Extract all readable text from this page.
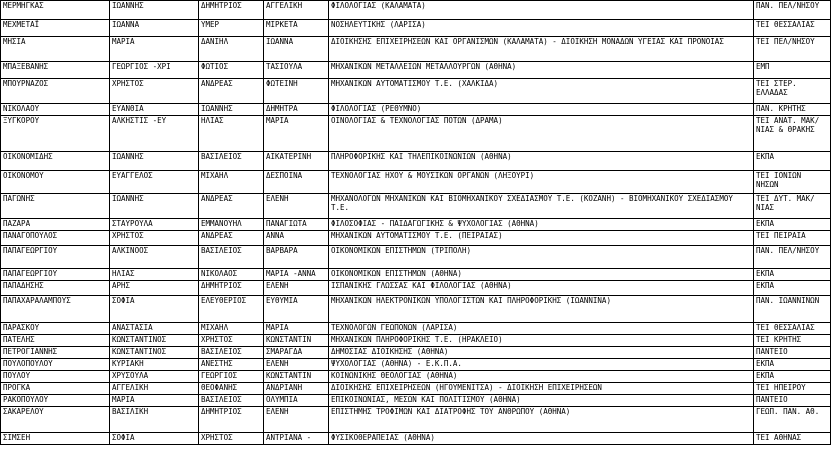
ΜΕΡΜΗΓΚΑΣ	ΙΩΑΝΝΗΣ	ΔΗΜΗΤΡΙΟΣ	ΑΓΓΕΛΙΚΗ	ΦΙΛΟΛΟΓΙΑΣ (ΚΑΛΑΜΑΤΑ)	ΠΑΝ. ΠΕΛ/ΝΗΣΟΥ
ΜΕΧΜΕΤΑΪ	ΙΩΑΝΝΑ	ΥΜΕΡ	ΜΙΡΚΕΤΑ	ΝΟΣΗΛΕΥΤΙΚΗΣ (ΛΑΡΙΣΑ)	ΤΕΙ ΘΕΣΣΑΛΙΑΣ
ΜΗΣΙΑ	ΜΑΡΙΑ	ΔΑΝΙΗΛ	ΙΩΑΝΝΑ	ΔΙΟΙΚΗΣΗΣ ΕΠΙΧΕΙΡΗΣΕΩΝ ΚΑΙ ΟΡΓΑΝΙΣΜΩΝ (ΚΑΛΑΜΑΤΑ) - ΔΙΟΙΚΗΣΗ ΜΟΝΑΔΩΝ ΥΓΕΙΑΣ ΚΑΙ ΠΡΟΝΟΙΑΣ	ΤΕΙ ΠΕΛ/ΝΗΣΟΥ
ΜΠΑΞΕΒΑΝΗΣ	ΓΕΩΡΓΙΟΣ -ΧΡΙ	ΦΩΤΙΟΣ	ΤΑΣΙΟΥΛΑ	ΜΗΧΑΝΙΚΩΝ ΜΕΤΑΛΛΕΙΩΝ ΜΕΤΑΛΛΟΥΡΓΩΝ (ΑΘΗΝΑ)	ΕΜΠ
ΜΠΟΥΡΝΑΖΟΣ	ΧΡΗΣΤΟΣ	ΑΝΔΡΕΑΣ	ΦΩΤΕΙΝΗ	ΜΗΧΑΝΙΚΩΝ ΑΥΤΟΜΑΤΙΣΜΟΥ Τ.Ε. (ΧΑΛΚΙΔΑ)	ΤΕΙ ΣΤΕΡ. ΕΛΛΑΔΑΣ
ΝΙΚΟΛΑΟΥ	ΕΥΑΝΘΙΑ	ΙΩΑΝΝΗΣ	ΔΗΜΗΤΡΑ	ΦΙΛΟΛΟΓΙΑΣ (ΡΕΘΥΜΝΟ)	ΠΑΝ. ΚΡΗΤΗΣ
ΞΥΓΚΟΡΟΥ	ΑΛΚΗΣΤΙΣ -ΕΥ	ΗΛΙΑΣ	ΜΑΡΙΑ	ΟΙΝΟΛΟΓΙΑΣ & ΤΕΧΝΟΛΟΓΙΑΣ ΠΟΤΩΝ (ΔΡΑΜΑ)	ΤΕΙ ΑΝΑΤ. ΜΑΚ/ΝΙΑΣ & ΘΡΑΚΗΣ
ΟΙΚΟΝΟΜΙΔΗΣ	ΙΩΑΝΝΗΣ	ΒΑΣΙΛΕΙΟΣ	ΑΙΚΑΤΕΡΙΝΗ	ΠΛΗΡΟΦΟΡΙΚΗΣ ΚΑΙ ΤΗΛΕΠΙΚΟΙΝΩΝΙΩΝ (ΑΘΗΝΑ)	ΕΚΠΑ
ΟΙΚΟΝΟΜΟΥ	ΕΥΑΓΓΕΛΟΣ	ΜΙΧΑΗΛ	ΔΕΣΠΟΙΝΑ	ΤΕΧΝΟΛΟΓΙΑΣ ΗΧΟΥ & ΜΟΥΣΙΚΩΝ ΟΡΓΑΝΩΝ (ΛΗΞΟΥΡΙ)	ΤΕΙ ΙΟΝΙΩΝ ΝΗΣΩΝ
ΠΑΓΩΝΗΣ	ΙΩΑΝΝΗΣ	ΑΝΔΡΕΑΣ	ΕΛΕΝΗ	ΜΗΧΑΝΟΛΟΓΩΝ ΜΗΧΑΝΙΚΩΝ ΚΑΙ ΒΙΟΜΗΧΑΝΙΚΟΥ ΣΧΕΔΙΑΣΜΟΥ Τ.Ε. (ΚΟΖΑΝΗ) - ΒΙΟΜΗΧΑΝΙΚΟΥ ΣΧΕΔΙΑΣΜΟΥ Τ.Ε.	ΤΕΙ ΔΥΤ. ΜΑΚ/ΝΙΑΣ
ΠΑΖΑΡΑ	ΣΤΑΥΡΟΥΛΑ	ΕΜΜΑΝΟΥΗΛ	ΠΑΝΑΓΙΩΤΑ	ΦΙΛΟΣΟΦΙΑΣ - ΠΑΙΔΑΓΩΓΙΚΗΣ & ΨΥΧΟΛΟΓΙΑΣ (ΑΘΗΝΑ)	ΕΚΠΑ
ΠΑΝΑΓΟΠΟΥΛΟΣ	ΧΡΗΣΤΟΣ	ΑΝΔΡΕΑΣ	ΑΝΝΑ	ΜΗΧΑΝΙΚΩΝ ΑΥΤΟΜΑΤΙΣΜΟΥ Τ.Ε. (ΠΕΙΡΑΙΑΣ)	ΤΕΙ ΠΕΙΡΑΙΑ
ΠΑΠΑΓΕΩΡΓΙΟΥ	ΑΛΚΙΝΟΟΣ	ΒΑΣΙΛΕΙΟΣ	ΒΑΡΒΑΡΑ	ΟΙΚΟΝΟΜΙΚΩΝ ΕΠΙΣΤΗΜΩΝ (ΤΡΙΠΟΛΗ)	ΠΑΝ. ΠΕΛ/ΝΗΣΟΥ
ΠΑΠΑΓΕΩΡΓΙΟΥ	ΗΛΙΑΣ	ΝΙΚΟΛΑΟΣ	ΜΑΡΙΑ -ΑΝΝΑ	ΟΙΚΟΝΟΜΙΚΩΝ ΕΠΙΣΤΗΜΩΝ (ΑΘΗΝΑ)	ΕΚΠΑ
ΠΑΠΑΔΗΣΗΣ	ΑΡΗΣ	ΔΗΜΗΤΡΙΟΣ	ΕΛΕΝΗ	ΙΣΠΑΝΙΚΗΣ ΓΛΩΣΣΑΣ ΚΑΙ ΦΙΛΟΛΟΓΙΑΣ (ΑΘΗΝΑ)	ΕΚΠΑ
ΠΑΠΑΧΑΡΑΛΑΜΠΟΥΣ	ΣΟΦΙΑ	ΕΛΕΥΘΕΡΙΟΣ	ΕΥΘΥΜΙΑ	ΜΗΧΑΝΙΚΩΝ ΗΛΕΚΤΡΟΝΙΚΩΝ ΥΠΟΛΟΓΙΣΤΩΝ ΚΑΙ ΠΛΗΡΟΦΟΡΙΚΗΣ (ΙΩΑΝΝΙΝΑ)	ΠΑΝ. ΙΩΑΝΝΙΝΩΝ
ΠΑΡΑΣΚΟΥ	ΑΝΑΣΤΑΣΙΑ	ΜΙΧΑΗΛ	ΜΑΡΙΑ	ΤΕΧΝΟΛΟΓΩΝ ΓΕΩΠΟΝΩΝ (ΛΑΡΙΣΑ)	ΤΕΙ ΘΕΣΣΑΛΙΑΣ
ΠΑΤΕΛΗΣ	ΚΩΝΣΤΑΝΤΙΝΟΣ	ΧΡΗΣΤΟΣ	ΚΩΝΣΤΑΝΤΙΝ	ΜΗΧΑΝΙΚΩΝ ΠΛΗΡΟΦΟΡΙΚΗΣ Τ.Ε. (ΗΡΑΚΛΕΙΟ)	ΤΕΙ ΚΡΗΤΗΣ
ΠΕΤΡΟΓΙΑΝΝΗΣ	ΚΩΝΣΤΑΝΤΙΝΟΣ	ΒΑΣΙΛΕΙΟΣ	ΣΜΑΡΑΓΔΑ	ΔΗΜΟΣΙΑΣ ΔΙΟΙΚΗΣΗΣ (ΑΘΗΝΑ)	ΠΑΝΤΕΙΟ
ΠΟΥΛΟΠΟΥΛΟΥ	ΚΥΡΙΑΚΗ	ΑΝΕΣΤΗΣ	ΕΛΕΝΗ	ΨΥΧΟΛΟΓΙΑΣ (ΑΘΗΝΑ) - Ε.Κ.Π.Α.	ΕΚΠΑ
ΠΟΥΛΟΥ	ΧΡΥΣΟΥΛΑ	ΓΕΩΡΓΙΟΣ	ΚΩΝΣΤΑΝΤΙΝ	ΚΟΙΝΩΝΙΚΗΣ ΘΕΟΛΟΓΙΑΣ (ΑΘΗΝΑ)	ΕΚΠΑ
ΠΡΟΓΚΑ	ΑΓΓΕΛΙΚΗ	ΘΕΟΦΑΝΗΣ	ΑΝΔΡΙΑΝΗ	ΔΙΟΙΚΗΣΗΣ ΕΠΙΧΕΙΡΗΣΕΩΝ (ΗΓΟΥΜΕΝΙΤΣΑ) - ΔΙΟΙΚΗΣΗ ΕΠΙΧΕΙΡΗΣΕΩΝ	ΤΕΙ ΗΠΕΙΡΟΥ
ΡΑΚΟΠΟΥΛΟΥ	ΜΑΡΙΑ	ΒΑΣΙΛΕΙΟΣ	ΟΛΥΜΠΙΑ	ΕΠΙΚΟΙΝΩΝΙΑΣ, ΜΕΣΩΝ ΚΑΙ ΠΟΛΙΤΙΣΜΟΥ (ΑΘΗΝΑ)	ΠΑΝΤΕΙΟ
ΣΑΚΑΡΕΛΟΥ	ΒΑΣΙΛΙΚΗ	ΔΗΜΗΤΡΙΟΣ	ΕΛΕΝΗ	ΕΠΙΣΤΗΜΗΣ ΤΡΟΦΙΜΩΝ ΚΑΙ ΔΙΑΤΡΟΦΗΣ ΤΟΥ ΑΝΘΡΩΠΟΥ (ΑΘΗΝΑ)	ΓΕΩΠ. ΠΑΝ. ΑΘ.
ΣΙΜΣΕΗ	ΣΟΦΙΑ	ΧΡΗΣΤΟΣ	ΑΝΤΡΙΑΝΑ -	ΦΥΣΙΚΟΘΕΡΑΠΕΙΑΣ (ΑΘΗΝΑ)	ΤΕΙ ΑΘΗΝΑΣ
